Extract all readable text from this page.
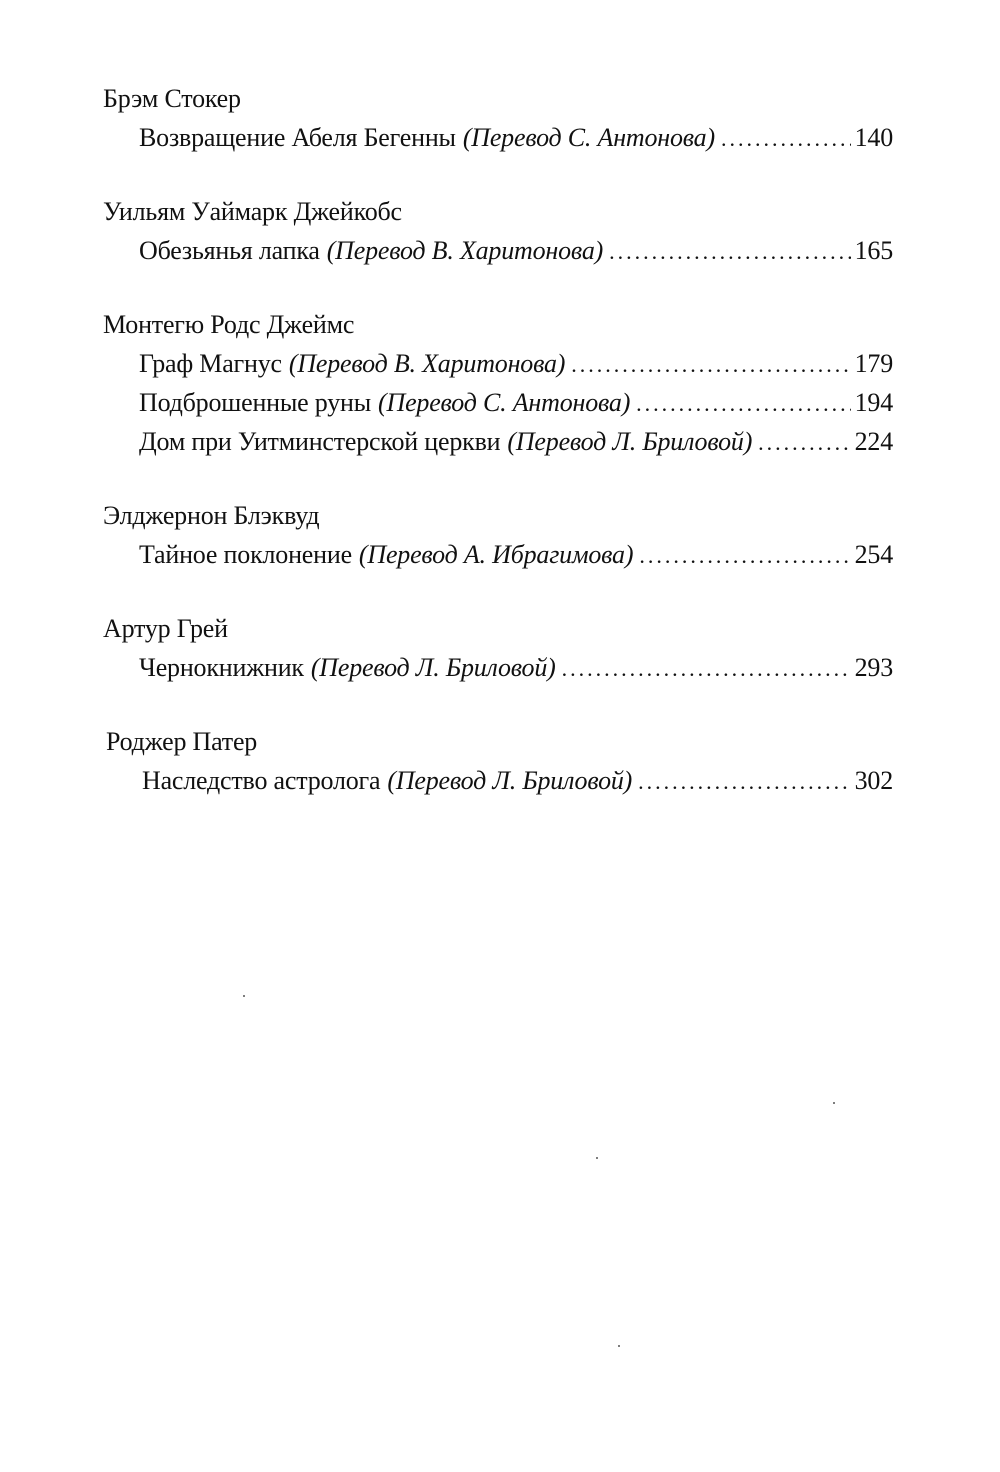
Брэм Стокер
Возвращение Абеля Бегенны (Перевод С. Антонова) .....	140
Уильям Уаймарк Джейкобс
Обезьянья лапка (Перевод В. Харитонова) .....	165
Монтегю Родс Джеймс
Граф Магнус (Перевод В. Харитонова) .....	179
Подброшенные руны (Перевод С. Антонова) .....	194
Дом при Уитминстерской церкви (Перевод Л. Бриловой) .....	224
Элджернон Блэквуд
Тайное поклонение (Перевод А. Ибрагимова) .....	254
Артур Грей
Чернокнижник (Перевод Л. Бриловой) .....	293
Роджер Патер
Наследство астролога (Перевод Л. Бриловой) .....	302
